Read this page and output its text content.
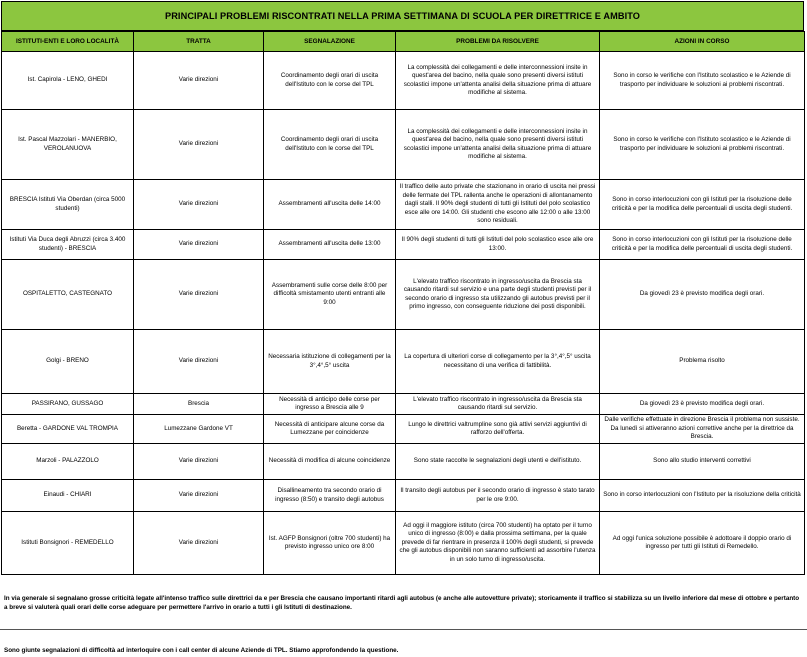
PRINCIPALI PROBLEMI RISCONTRATI NELLA PRIMA SETTIMANA DI SCUOLA PER DIRETTRICE E AMBITO
ISTITUTI-ENTI E LORO LOCALITÀ	TRATTA	SEGNALAZIONE	PROBLEMI DA RISOLVERE	AZIONI IN CORSO
Ist. Capirola - LENO, GHEDI	Varie direzioni	Coordinamento degli orari di uscita dell'Istituto con le corse del TPL	La complessità dei collegamenti e delle interconnessioni insite in quest'area del bacino, nella quale sono presenti diversi istituti scolastici impone un'attenta analisi della situazione prima di attuare modifiche al sistema.	Sono in corso le verifiche con l'Istituto scolastico e le Aziende di trasporto per individuare le soluzioni ai problemi riscontrati.
Ist. Pascal Mazzolari - MANERBIO, VEROLANUOVA	Varie direzioni	Coordinamento degli orari di uscita dell'Istituto con le corse del TPL	La complessità dei collegamenti e delle interconnessioni insite in quest'area del bacino, nella quale sono presenti diversi istituti scolastici impone un'attenta analisi della situazione prima di attuare modifiche al sistema.	Sono in corso le verifiche con l'Istituto scolastico e le Aziende di trasporto per individuare le soluzioni ai problemi riscontrati.
BRESCIA Istituti Via Oberdan (circa 5000 studenti)	Varie direzioni	Assembramenti all'uscita delle 14:00	Il traffico delle auto private che stazionano in orario di uscita nei pressi delle fermate del TPL rallenta anche le operazioni di allontanamento dagli stalli. Il 90% degli studenti di tutti gli Istituti del polo scolastico esce alle ore 14:00. Gli studenti che escono alle 12:00 o alle 13:00 sono residuali.	Sono in corso interlocuzioni con gli Istituti per la risoluzione delle criticità e per la modifica delle percentuali di uscita degli studenti.
Istituti Via Duca degli Abruzzi (circa 3.400 studenti) - BRESCIA	Varie direzioni	Assembramenti all'uscita delle 13:00	Il 90% degli studenti di tutti gli Istituti del polo scolastico esce alle ore 13:00.	Sono in corso interlocuzioni con gli Istituti per la risoluzione delle criticità e per la modifica delle percentuali di uscita degli studenti.
OSPITALETTO, CASTEGNATO	Varie direzioni	Assembramenti sulle corse delle 8:00 per difficoltà smistamento utenti entranti alle 9:00	L'elevato traffico riscontrato in ingresso/uscita da Brescia sta causando ritardi sul servizio e una parte degli studenti previsti per il secondo orario di ingresso sta utilizzando gli autobus previsti per il primo ingresso, con conseguente riduzione dei posti disponibili.	Da giovedì 23 è previsto modifica degli orari.
Golgi - BRENO	Varie direzioni	Necessaria istituzione di collegamenti per la 3°,4°,5° uscita	La copertura di ulteriori corse di collegamento per la 3°,4°,5° uscita necessitano di una verifica di fattibilità.	Problema risolto
PASSIRANO, GUSSAGO	Brescia	Necessità di anticipo delle corse per ingresso a Brescia alle 9	L'elevato traffico riscontrato in ingresso/uscita da Brescia sta causando ritardi sul servizio.	Da giovedì 23 è previsto modifica degli orari.
Beretta - GARDONE VAL TROMPIA	Lumezzane Gardone VT	Necessità di anticipare alcune corse da Lumezzane per coincidenze	Lungo le direttrici valtrumpline sono già attivi servizi aggiuntivi di rafforzo dell'offerta.	Dalle verifiche effettuate in direzione Brescia il problema non sussiste. Da lunedì si attiveranno azioni correttive anche per la direttrice da Brescia.
Marzoli - PALAZZOLO	Varie direzioni	Necessità di modifica di alcune coincidenze	Sono state raccolte le segnalazioni degli utenti e dell'istituto.	Sono allo studio interventi correttivi
Einaudi - CHIARI	Varie direzioni	Disallineamento tra secondo orario di ingresso (8:50) e transito degli autobus	Il transito degli autobus per il secondo orario di ingresso è stato tarato per le ore 9:00.	Sono in corso interlocuzioni con l'Istituto per la risoluzione della criticità
Istituti Bonsignori - REMEDELLO	Varie direzioni	Ist. AGFP Bonsignori (oltre 700 studenti) ha previsto ingresso unico ore 8:00	Ad oggi il maggiore istituto (circa 700 studenti) ha optato per il turno unico di ingresso (8:00) e dalla prossima settimana, per la quale prevede di far rientrare in presenza il 100% degli studenti, si prevede che gli autobus disponibili non saranno sufficienti ad assorbire l'utenza in un solo turno di ingresso/uscita.	Ad oggi l'unica soluzione possibile è adottoare il doppio orario di ingresso per tutti gli Istituti di Remedello.
In via generale si segnalano grosse criticità legate all'intenso traffico sulle direttrici da e per Brescia che causano importanti ritardi agli autobus (e anche alle autovetture private); storicamente il traffico si stabilizza su un livello inferiore dal mese di ottobre e pertanto a breve si valuterà quali orari delle corse adeguare per permettere l'arrivo in orario a tutti i gli Istituti di destinazione.
Sono giunte segnalazioni di difficoltà ad interloquire con i call center di alcune Aziende di TPL. Stiamo approfondendo la questione.
